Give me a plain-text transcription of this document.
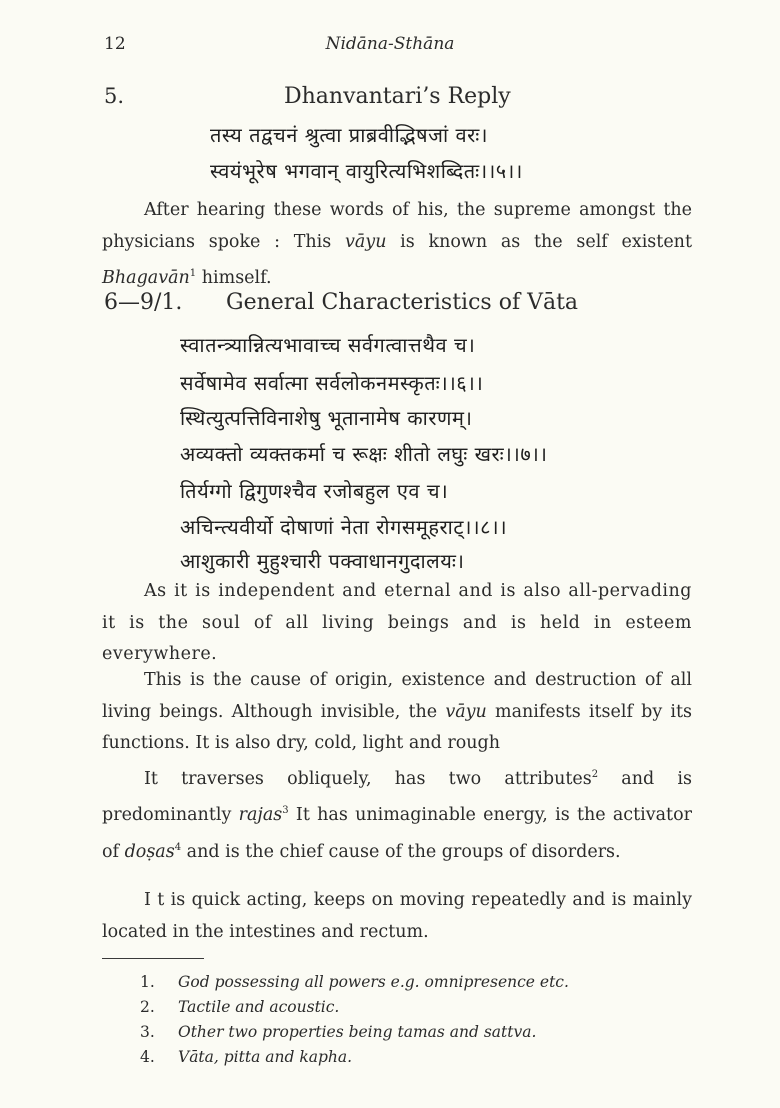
12	Nidāna-Sthāna
5.	Dhanvantari’s Reply
तस्य तद्वचनं श्रुत्वा प्राब्रवीद्भिषजां वरः।
स्वयंभूरेष भगवान् वायुरित्यभिशब्दितः।।५।।
After hearing these words of his, the supreme amongst the physicians spoke : This vāyu is known as the self existent Bhagavān$^1$ himself.
6—9/1. General Characteristics of Vāta
स्वातन्त्र्यान्नित्यभावाच्च सर्वगत्वात्तथैव च।
सर्वेषामेव सर्वात्मा सर्वलोकनमस्कृतः।।६।।
स्थित्युत्पत्तिविनाशेषु भूतानामेष कारणम्।
अव्यक्तो व्यक्तकर्मा च रूक्षः शीतो लघुः खरः।।७।।
तिर्यग्गो द्विगुणश्चैव रजोबहुल एव च।
अचिन्त्यवीर्यो दोषाणां नेता रोगसमूहराट्।।८।।
आशुकारी मुहुश्चारी पक्वाधानगुदालयः।
As it is independent and eternal and is also all-pervading it is the soul of all living beings and is held in esteem everywhere.
This is the cause of origin, existence and destruction of all living beings. Although invisible, the vāyu manifests itself by its functions. It is also dry, cold, light and rough
It traverses obliquely, has two attributes$^2$ and is predominantly rajas$^3$ It has unimaginable energy, is the activator of doṣas$^4$ and is the chief cause of the groups of disorders.
I t is quick acting, keeps on moving repeatedly and is mainly located in the intestines and rectum.
1. God possessing all powers e.g. omnipresence etc.
2. Tactile and acoustic.
3. Other two properties being tamas and sattva.
4. Vāta, pitta and kapha.
